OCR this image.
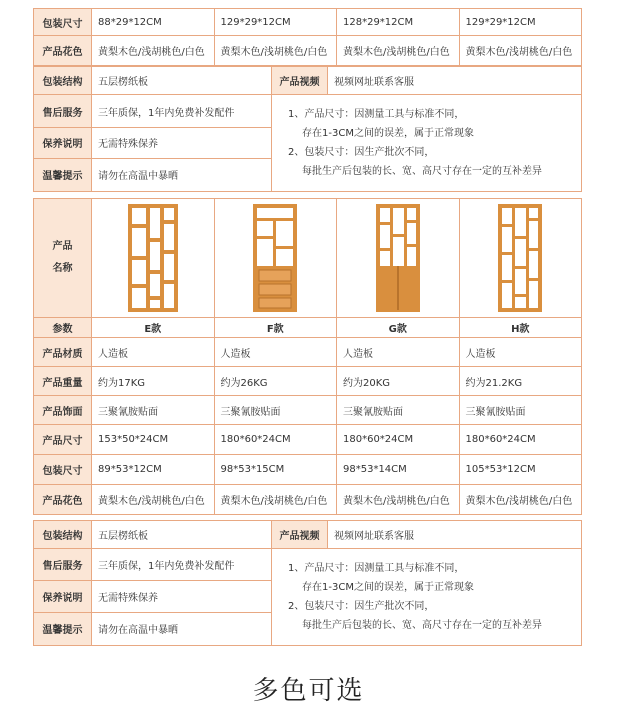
包装尺寸	88*29*12CM	129*29*12CM	128*29*12CM	129*29*12CM
产品花色	黄梨木色/浅胡桃色/白色	黄梨木色/浅胡桃色/白色	黄梨木色/浅胡桃色/白色	黄梨木色/浅胡桃色/白色
包装结构	五层楞纸板	产品视频	视频网址联系客服
售后服务	三年质保，1年内免费补发配件	1、产品尺寸：因测量工具与标准不同，
存在1-3CM之间的误差，属于正常现象
2、包装尺寸：因生产批次不同，
每批生产后包装的长、宽、高尺寸存在一定的互补差异	

保养说明	无需特殊保养		
温馨提示	请勿在高温中暴晒		
产品
名称

参数	E款	F款	G款	H款
产品材质	人造板	人造板	人造板	人造板
产品重量	约为17KG	约为26KG	约为20KG	约为21.2KG
产品饰面	三聚氰胺贴面	三聚氰胺贴面	三聚氰胺贴面	三聚氰胺贴面
产品尺寸	153*50*24CM	180*60*24CM	180*60*24CM	180*60*24CM
包装尺寸	89*53*12CM	98*53*15CM	98*53*14CM	105*53*12CM
产品花色	黄梨木色/浅胡桃色/白色	黄梨木色/浅胡桃色/白色	黄梨木色/浅胡桃色/白色	黄梨木色/浅胡桃色/白色
包装结构	五层楞纸板	产品视频	视频网址联系客服
售后服务	三年质保，1年内免费补发配件	1、产品尺寸：因测量工具与标准不同，
存在1-3CM之间的误差，属于正常现象
2、包装尺寸：因生产批次不同，
每批生产后包装的长、宽、高尺寸存在一定的互补差异	

保养说明	无需特殊保养		
温馨提示	请勿在高温中暴晒		
多色可选
